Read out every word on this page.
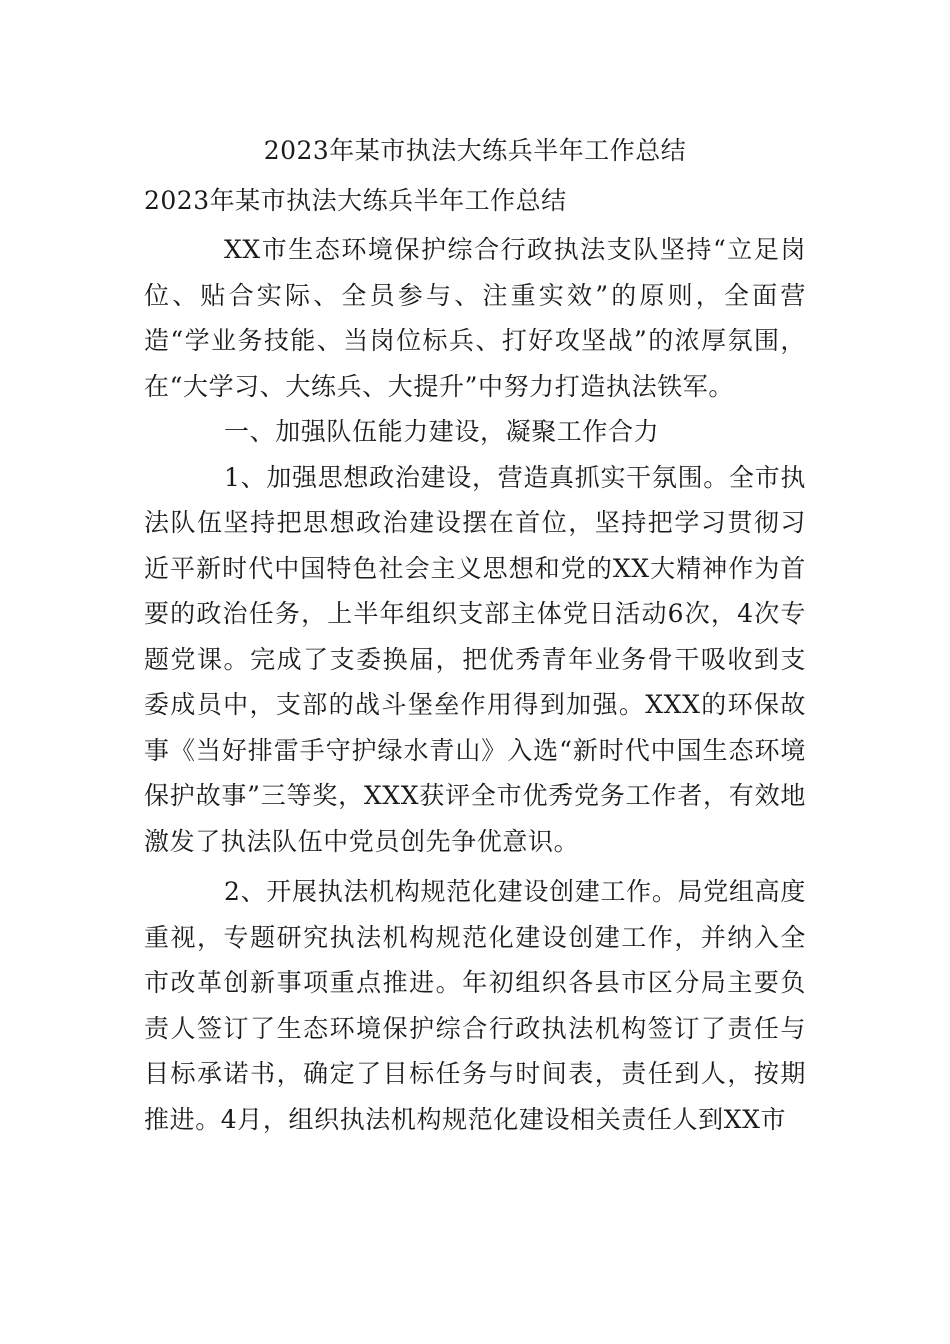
2023年某市执法大练兵半年工作总结
2023年某市执法大练兵半年工作总结

XX市生态环境保护综合行政执法支队坚持“立足岗位、贴合实际、全员参与、注重实效”的原则，全面营造“学业务技能、当岗位标兵、打好攻坚战”的浓厚氛围，在“大学习、大练兵、大提升”中努力打造执法铁军。

一、加强队伍能力建设，凝聚工作合力

1、加强思想政治建设，营造真抓实干氛围。全市执法队伍坚持把思想政治建设摆在首位，坚持把学习贯彻习近平新时代中国特色社会主义思想和党的XX大精神作为首要的政治任务，上半年组织支部主体党日活动6次，4次专题党课。完成了支委换届，把优秀青年业务骨干吸收到支委成员中，支部的战斗堡垒作用得到加强。XXX的环保故事《当好排雷手守护绿水青山》入选“新时代中国生态环境保护故事”三等奖，XXX获评全市优秀党务工作者，有效地激发了执法队伍中党员创先争优意识。

2、开展执法机构规范化建设创建工作。局党组高度重视，专题研究执法机构规范化建设创建工作，并纳入全市改革创新事项重点推进。年初组织各县市区分局主要负责人签订了生态环境保护综合行政执法机构签订了责任与目标承诺书，确定了目标任务与时间表，责任到人，按期推进。4月，组织执法机构规范化建设相关责任人到XX市
